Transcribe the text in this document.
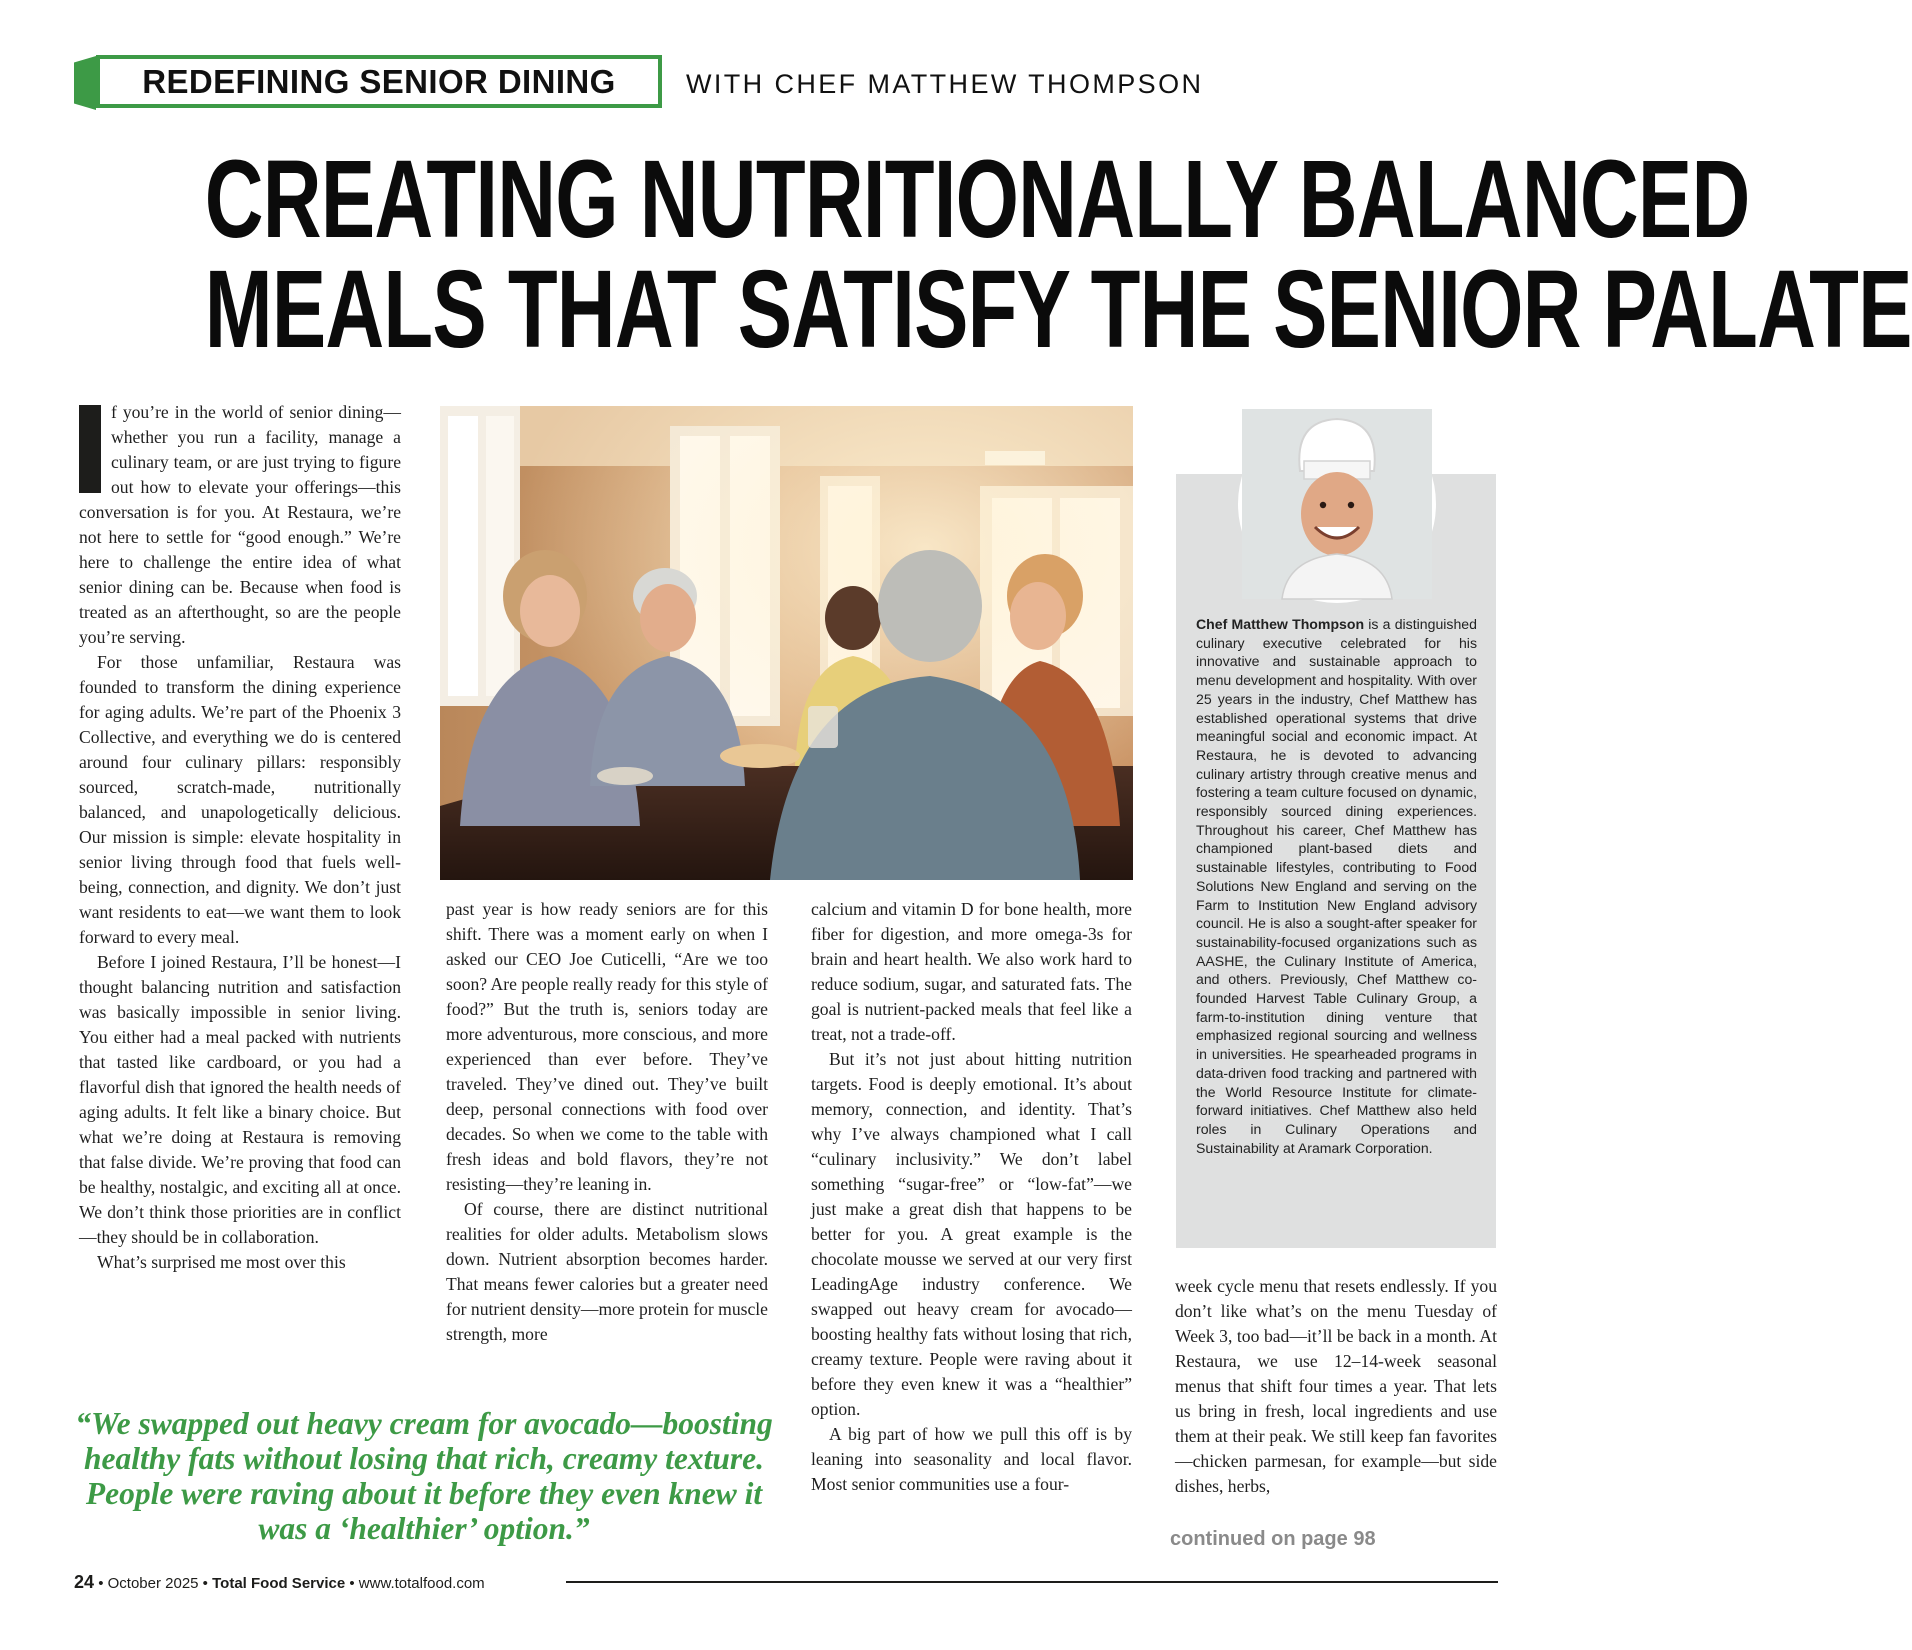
REDEFINING SENIOR DINING	WITH CHEF MATTHEW THOMPSON
CREATING NUTRITIONALLY BALANCED
MEALS THAT SATISFY THE SENIOR PALATE

f you’re in the world of senior dining—whether you run a facility, manage a culinary team, or are just trying to figure out how to elevate your offerings—this conversation is for you. At Restaura, we’re not here to settle for “good enough.” We’re here to challenge the entire idea of what senior dining can be. Because when food is treated as an afterthought, so are the people you’re serving.

For those unfamiliar, Restaura was founded to transform the dining experience for aging adults. We’re part of the Phoenix 3 Collective, and everything we do is centered around four culinary pillars: responsibly sourced, scratch-made, nutritionally balanced, and unapologetically delicious. Our mission is simple: elevate hospitality in senior living through food that fuels well-being, connection, and dignity. We don’t just want residents to eat—we want them to look forward to every meal.

Before I joined Restaura, I’ll be honest—I thought balancing nutrition and satisfaction was basically impossible in senior living. You either had a meal packed with nutrients that tasted like cardboard, or you had a flavorful dish that ignored the health needs of aging adults. It felt like a binary choice. But what we’re doing at Restaura is removing that false divide. We’re proving that food can be healthy, nostalgic, and exciting all at once. We don’t think those priorities are in conflict—they should be in collaboration.

What’s surprised me most over this

Chef Matthew Thompson is a distinguished culinary executive celebrated for his innovative and sustainable approach to menu development and hospitality. With over 25 years in the industry, Chef Matthew has established operational systems that drive meaningful social and economic impact. At Restaura, he is devoted to advancing culinary artistry through creative menus and fostering a team culture focused on dynamic, responsibly sourced dining experiences. Throughout his career, Chef Matthew has championed plant-based diets and sustainable lifestyles, contributing to Food Solutions New England and serving on the Farm to Institution New England advisory council. He is also a sought-after speaker for sustainability-focused organizations such as AASHE, the Culinary Institute of America, and others. Previously, Chef Matthew co-founded Harvest Table Culinary Group, a farm-to-institution dining venture that emphasized regional sourcing and wellness in universities. He spearheaded programs in data-driven food tracking and partnered with the World Resource Institute for climate-forward initiatives. Chef Matthew also held roles in Culinary Operations and Sustainability at Aramark Corporation.

past year is how ready seniors are for this shift. There was a moment early on when I asked our CEO Joe Cuticelli, “Are we too soon? Are people really ready for this style of food?” But the truth is, seniors today are more adventurous, more conscious, and more experienced than ever before. They’ve traveled. They’ve dined out. They’ve built deep, personal connections with food over decades. So when we come to the table with fresh ideas and bold flavors, they’re not resisting—they’re leaning in.

Of course, there are distinct nutritional realities for older adults. Metabolism slows down. Nutrient absorption becomes harder. That means fewer calories but a greater need for nutrient density—more protein for muscle strength, more

calcium and vitamin D for bone health, more fiber for digestion, and more omega-3s for brain and heart health. We also work hard to reduce sodium, sugar, and saturated fats. The goal is nutrient-packed meals that feel like a treat, not a trade-off.

But it’s not just about hitting nutrition targets. Food is deeply emotional. It’s about memory, connection, and identity. That’s why I’ve always championed what I call “culinary inclusivity.” We don’t label something “sugar-free” or “low-fat”—we just make a great dish that happens to be better for you. A great example is the chocolate mousse we served at our very first LeadingAge industry conference. We swapped out heavy cream for avocado—boosting healthy fats without losing that rich, creamy texture. People were raving about it before they even knew it was a “healthier” option.

A big part of how we pull this off is by leaning into seasonality and local flavor. Most senior communities use a four-

week cycle menu that resets endlessly. If you don’t like what’s on the menu Tuesday of Week 3, too bad—it’ll be back in a month. At Restaura, we use 12–14-week seasonal menus that shift four times a year. That lets us bring in fresh, local ingredients and use them at their peak. We still keep fan favorites—chicken parmesan, for example—but side dishes, herbs,

“We swapped out heavy cream for avocado—boosting healthy fats without losing that rich, creamy texture. People were raving about it before they even knew it was a ‘healthier’ option.”	continued on page 98
24 • October 2025 • Total Food Service • www.totalfood.com
